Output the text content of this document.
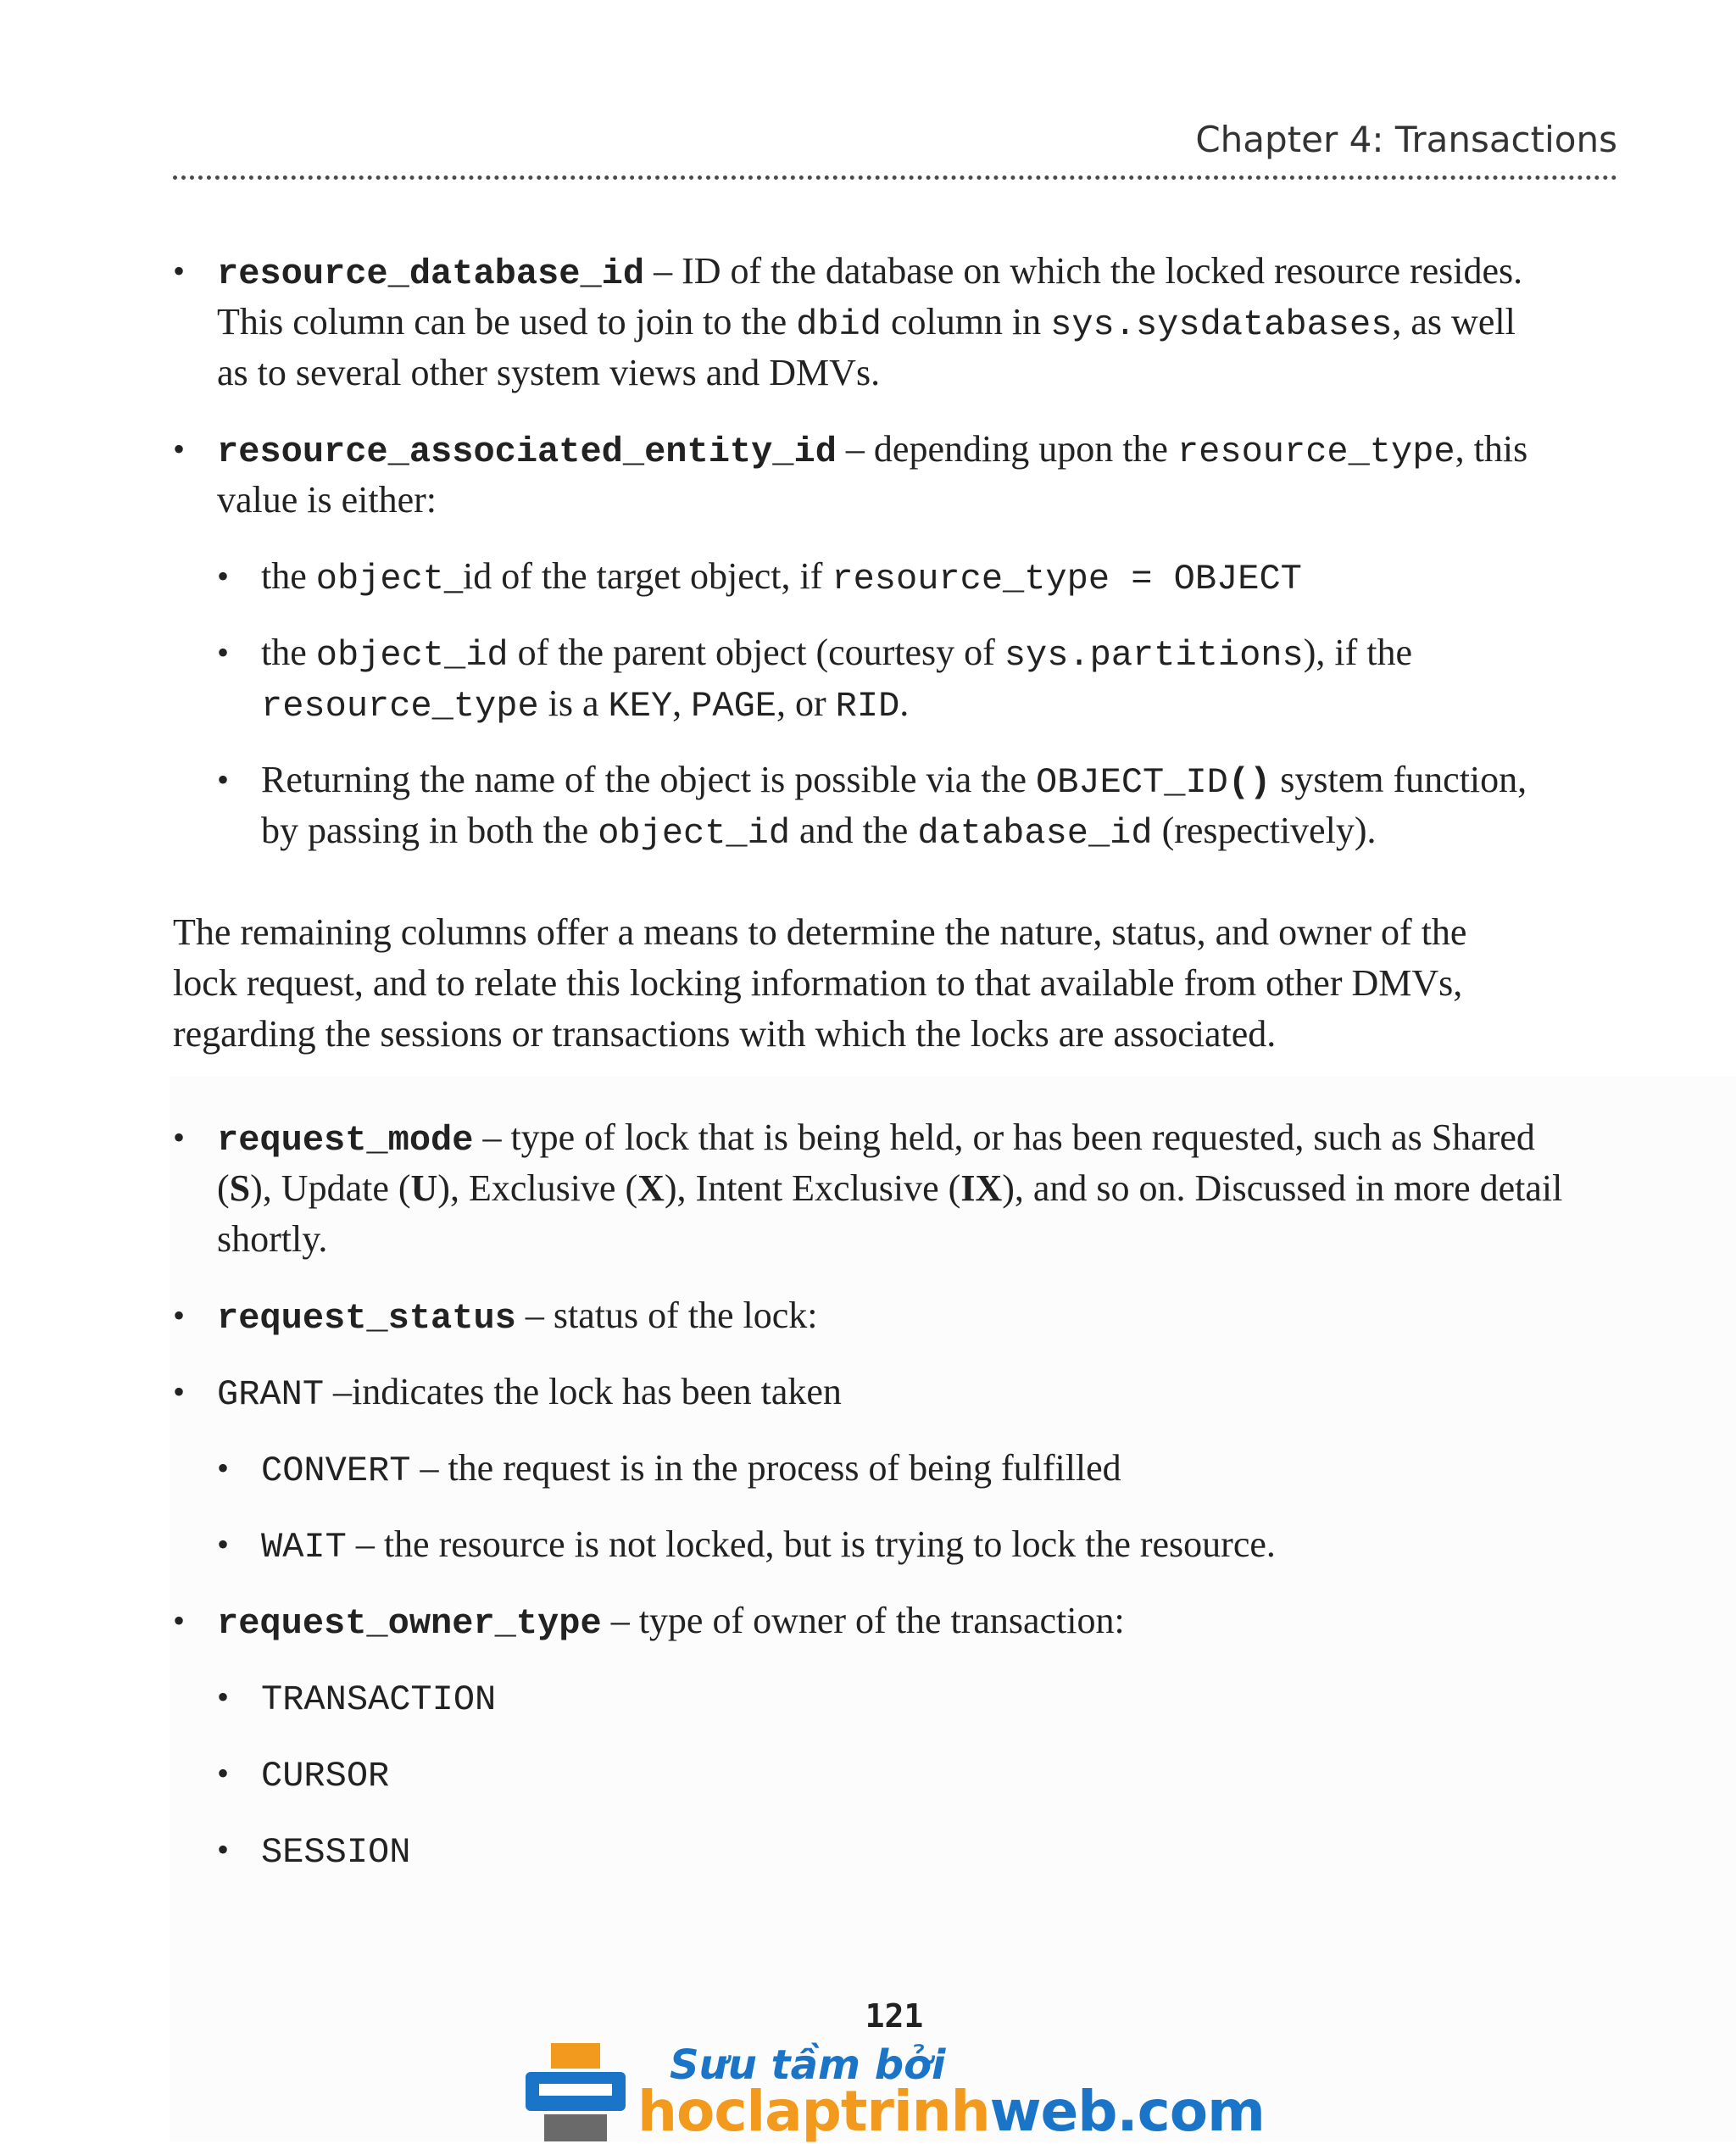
Chapter 4: Transactions
• resource_database_id – ID of the database on which the locked resource resides.
This column can be used to join to the dbid column in sys.sysdatabases, as well
as to several other system views and DMVs.
• resource_associated_entity_id – depending upon the resource_type, this
value is either:
• the object_id of the target object, if resource_type = OBJECT
• the object_id of the parent object (courtesy of sys.partitions), if the
resource_type is a KEY, PAGE, or RID.
• Returning the name of the object is possible via the OBJECT_ID() system function,
by passing in both the object_id and the database_id (respectively).
The remaining columns offer a means to determine the nature, status, and owner of the
lock request, and to relate this locking information to that available from other DMVs,
regarding the sessions or transactions with which the locks are associated.
• request_mode – type of lock that is being held, or has been requested, such as Shared
(S), Update (U), Exclusive (X), Intent Exclusive (IX), and so on. Discussed in more detail
shortly.
• request_status – status of the lock:
• GRANT –indicates the lock has been taken
• CONVERT – the request is in the process of being fulfilled
• WAIT – the resource is not locked, but is trying to lock the resource.
• request_owner_type – type of owner of the transaction:
• TRANSACTION
• CURSOR
• SESSION
121
Sưu tầm bởi
hoclaptrinhweb.com
